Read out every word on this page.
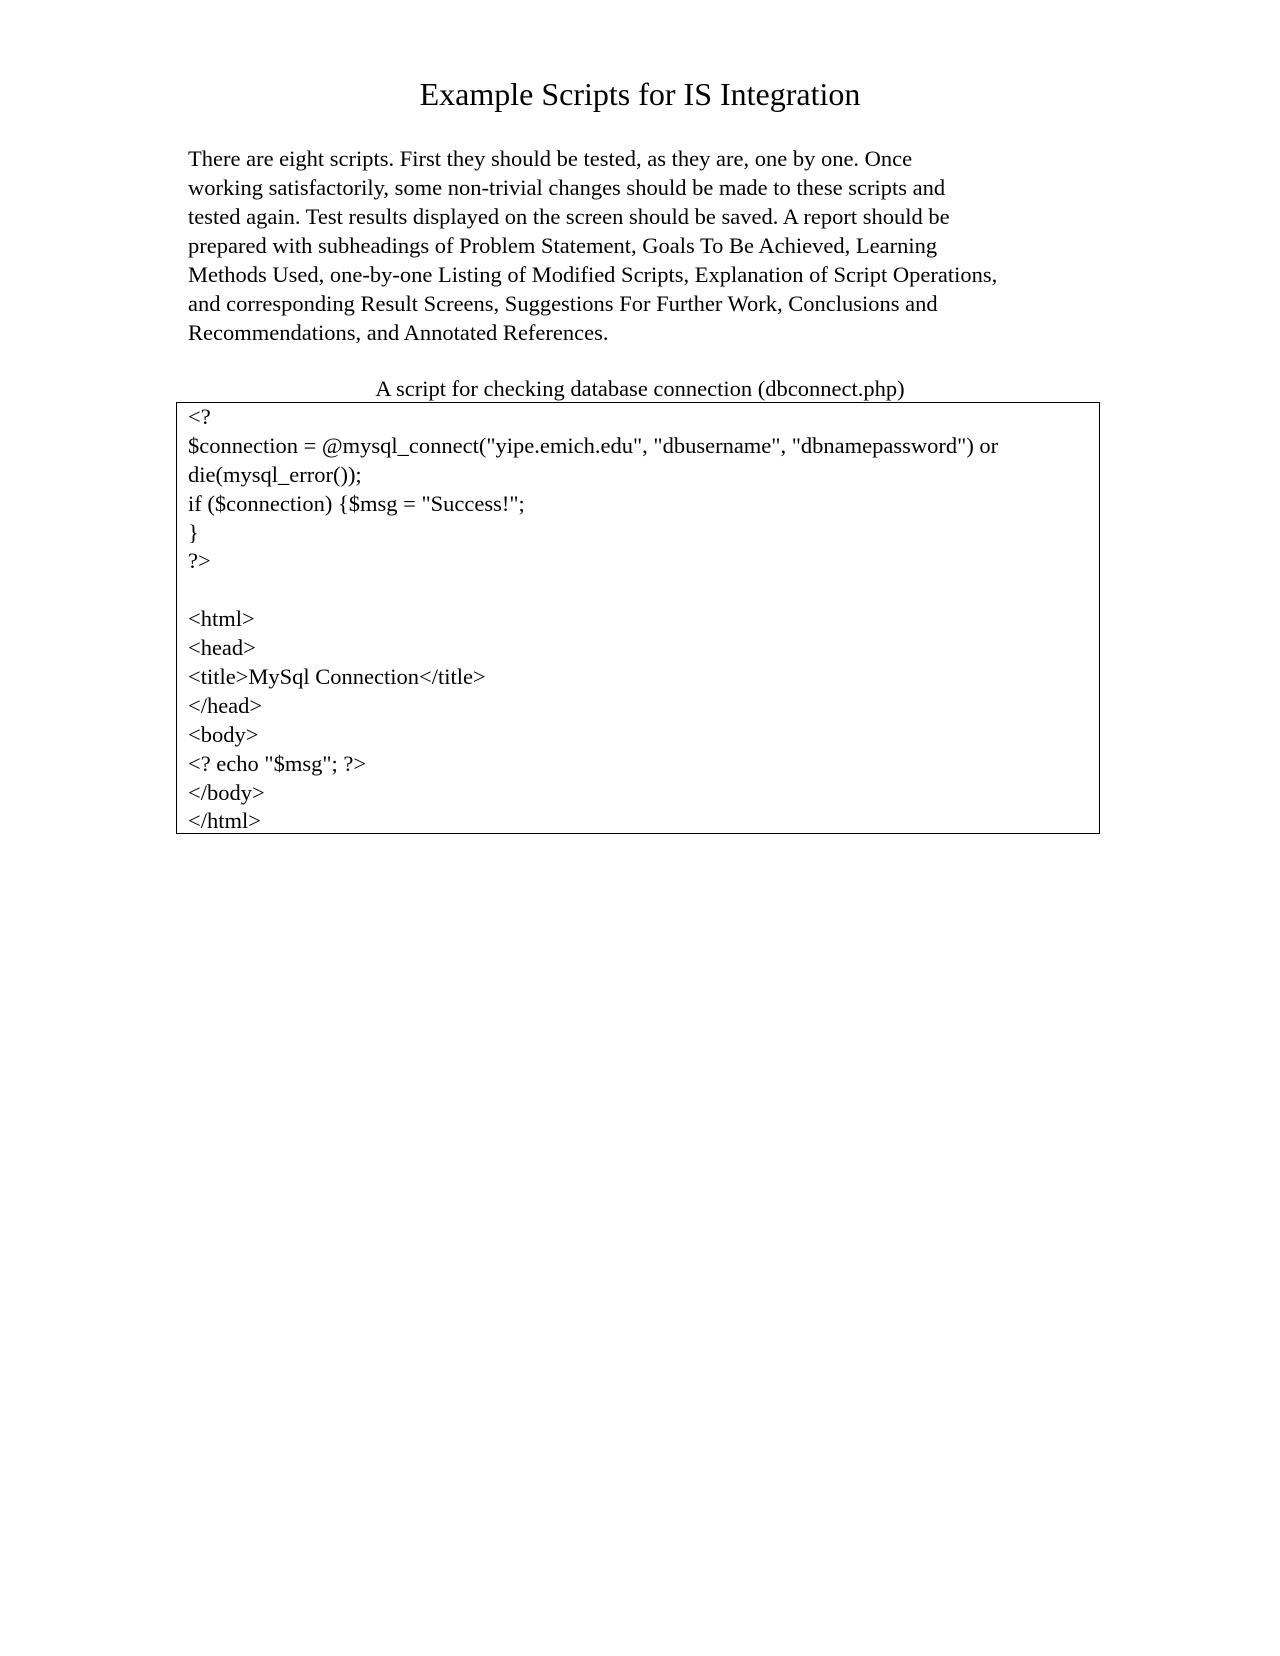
Example Scripts for IS Integration

There are eight scripts. First they should be tested, as they are, one by one. Once
working satisfactorily, some non-trivial changes should be made to these scripts and
tested again. Test results displayed on the screen should be saved. A report should be
prepared with subheadings of Problem Statement, Goals To Be Achieved, Learning
Methods Used, one-by-one Listing of Modified Scripts, Explanation of Script Operations,
and corresponding Result Screens, Suggestions For Further Work, Conclusions and
Recommendations, and Annotated References.

A script for checking database connection (dbconnect.php)

<?
$connection = @mysql_connect("yipe.emich.edu", "dbusername", "dbnamepassword") or
die(mysql_error());
if ($connection) {$msg = "Success!";
}
?>
<html>
<head>
<title>MySql Connection</title>
</head>
<body>
<? echo "$msg"; ?>
</body>
</html>
